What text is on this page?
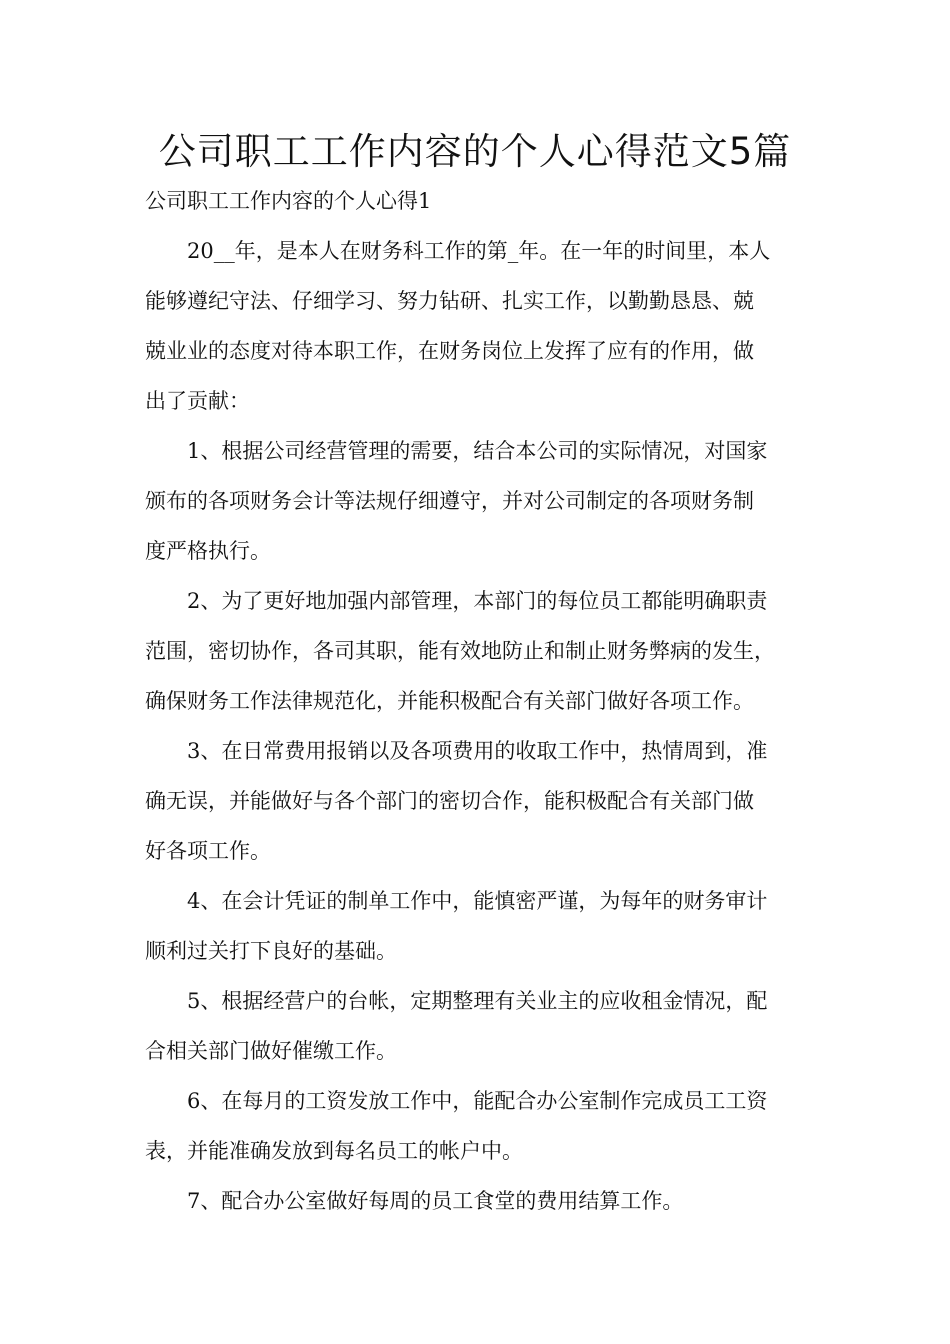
公司职工工作内容的个人心得范文5篇

公司职工工作内容的个人心得1

20__年，是本人在财务科工作的第_年。在一年的时间里，本人
能够遵纪守法、仔细学习、努力钻研、扎实工作，以勤勤恳恳、兢
兢业业的态度对待本职工作，在财务岗位上发挥了应有的作用，做
出了贡献：

1、根据公司经营管理的需要，结合本公司的实际情况，对国家
颁布的各项财务会计等法规仔细遵守，并对公司制定的各项财务制
度严格执行。

2、为了更好地加强内部管理，本部门的每位员工都能明确职责
范围，密切协作，各司其职，能有效地防止和制止财务弊病的发生，
确保财务工作法律规范化，并能积极配合有关部门做好各项工作。

3、在日常费用报销以及各项费用的收取工作中，热情周到，准
确无误，并能做好与各个部门的密切合作，能积极配合有关部门做
好各项工作。

4、在会计凭证的制单工作中，能慎密严谨，为每年的财务审计
顺利过关打下良好的基础。

5、根据经营户的台帐，定期整理有关业主的应收租金情况，配
合相关部门做好催缴工作。

6、在每月的工资发放工作中，能配合办公室制作完成员工工资
表，并能准确发放到每名员工的帐户中。

7、配合办公室做好每周的员工食堂的费用结算工作。
